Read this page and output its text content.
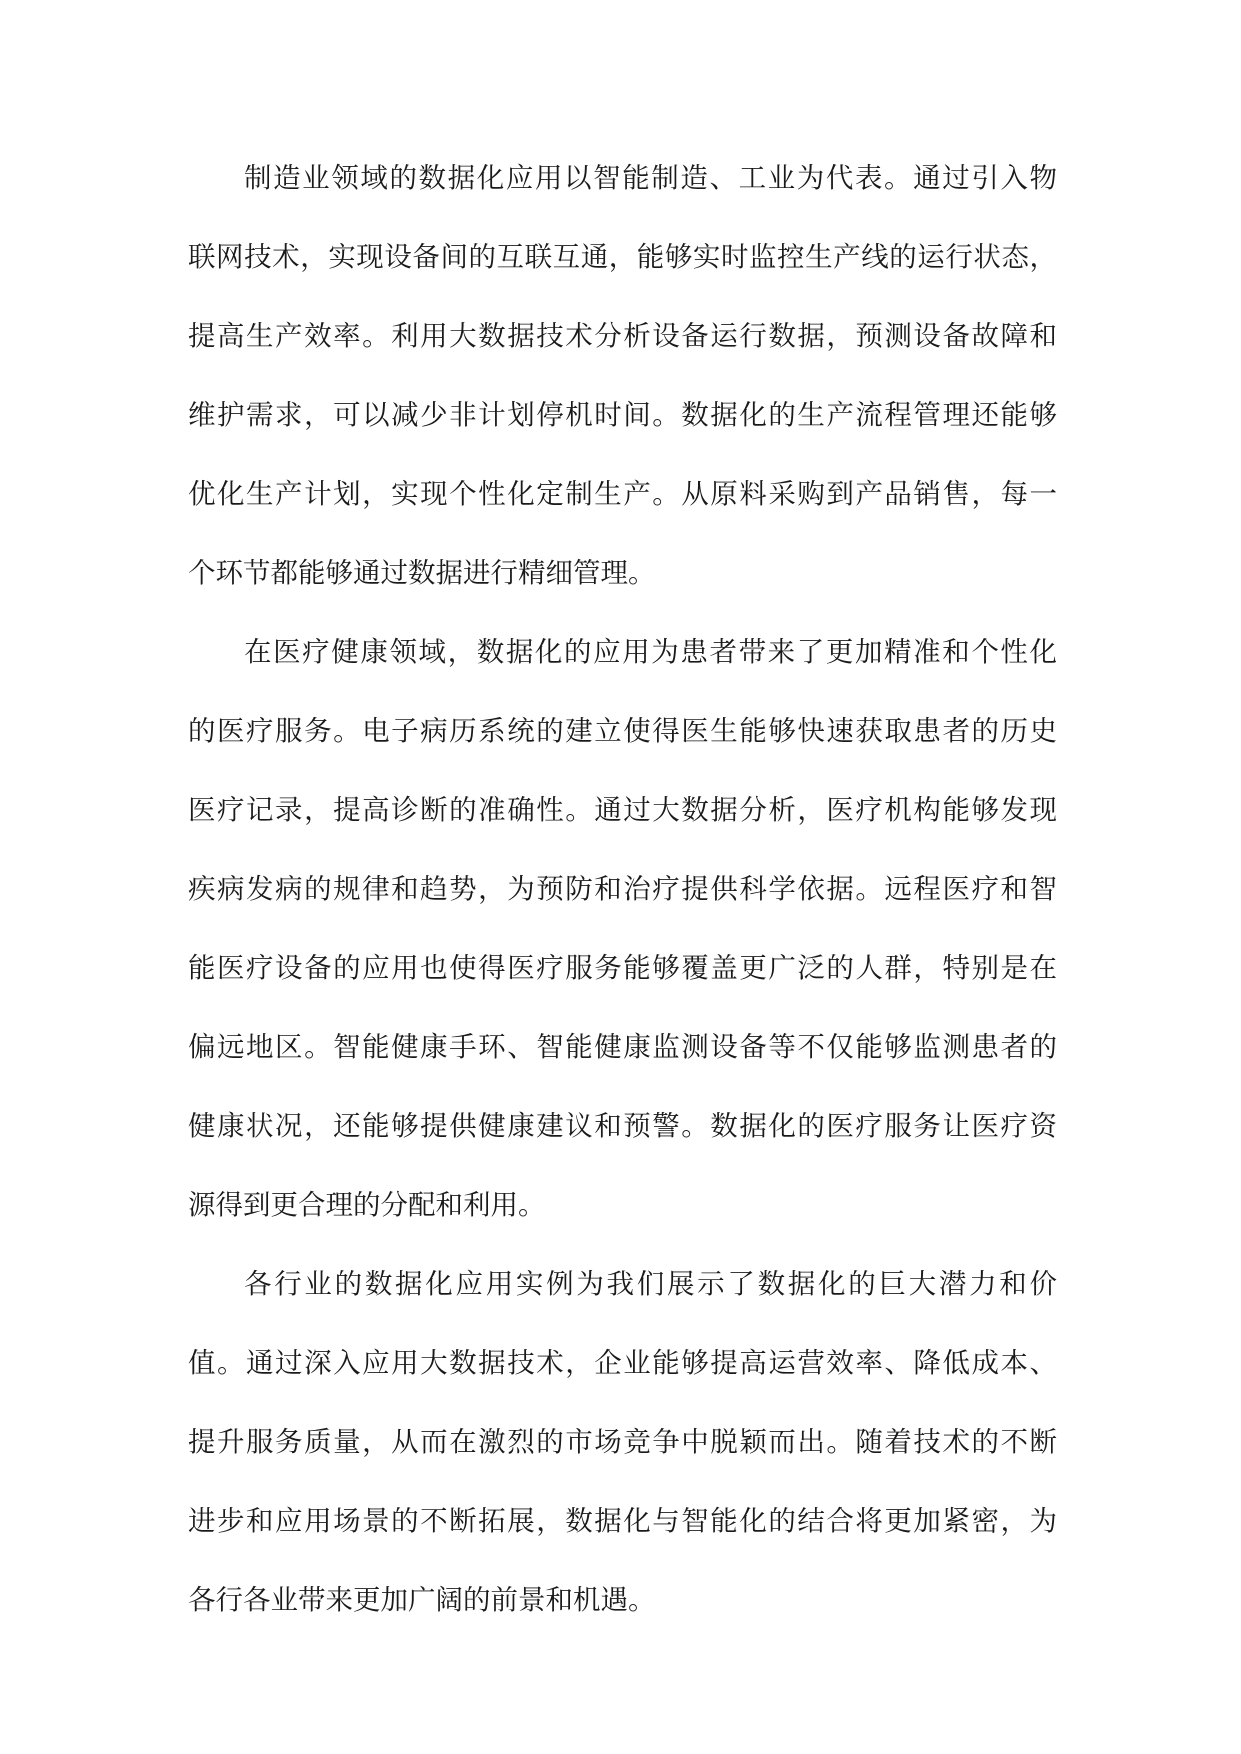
制造业领域的数据化应用以智能制造、工业为代表。通过引入物
联网技术，实现设备间的互联互通，能够实时监控生产线的运行状态，
提高生产效率。利用大数据技术分析设备运行数据，预测设备故障和
维护需求，可以减少非计划停机时间。数据化的生产流程管理还能够
优化生产计划，实现个性化定制生产。从原料采购到产品销售，每一
个环节都能够通过数据进行精细管理。
在医疗健康领域，数据化的应用为患者带来了更加精准和个性化
的医疗服务。电子病历系统的建立使得医生能够快速获取患者的历史
医疗记录，提高诊断的准确性。通过大数据分析，医疗机构能够发现
疾病发病的规律和趋势，为预防和治疗提供科学依据。远程医疗和智
能医疗设备的应用也使得医疗服务能够覆盖更广泛的人群，特别是在
偏远地区。智能健康手环、智能健康监测设备等不仅能够监测患者的
健康状况，还能够提供健康建议和预警。数据化的医疗服务让医疗资
源得到更合理的分配和利用。
各行业的数据化应用实例为我们展示了数据化的巨大潜力和价
值。通过深入应用大数据技术，企业能够提高运营效率、降低成本、
提升服务质量，从而在激烈的市场竞争中脱颖而出。随着技术的不断
进步和应用场景的不断拓展，数据化与智能化的结合将更加紧密，为
各行各业带来更加广阔的前景和机遇。
